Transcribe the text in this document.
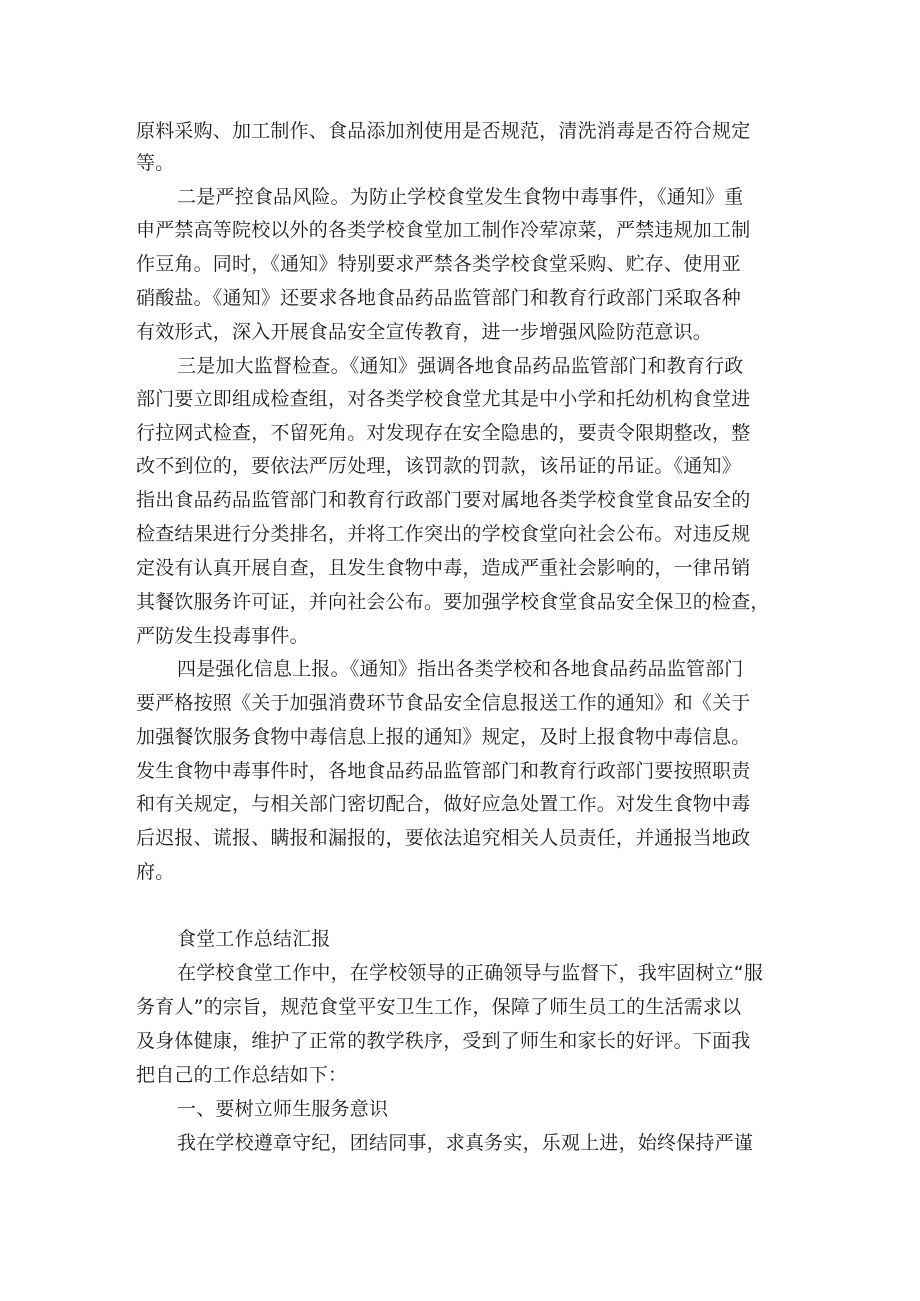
原料采购、加工制作、食品添加剂使用是否规范，清洗消毒是否符合规定
等。
二是严控食品风险。为防止学校食堂发生食物中毒事件，《通知》重
申严禁高等院校以外的各类学校食堂加工制作冷荤凉菜，严禁违规加工制
作豆角。同时，《通知》特别要求严禁各类学校食堂采购、贮存、使用亚
硝酸盐。《通知》还要求各地食品药品监管部门和教育行政部门采取各种
有效形式，深入开展食品安全宣传教育，进一步增强风险防范意识。
三是加大监督检查。《通知》强调各地食品药品监管部门和教育行政
部门要立即组成检查组，对各类学校食堂尤其是中小学和托幼机构食堂进
行拉网式检查，不留死角。对发现存在安全隐患的，要责令限期整改，整
改不到位的，要依法严厉处理，该罚款的罚款，该吊证的吊证。《通知》
指出食品药品监管部门和教育行政部门要对属地各类学校食堂食品安全的
检查结果进行分类排名，并将工作突出的学校食堂向社会公布。对违反规
定没有认真开展自查，且发生食物中毒，造成严重社会影响的，一律吊销
其餐饮服务许可证，并向社会公布。要加强学校食堂食品安全保卫的检查，
严防发生投毒事件。
四是强化信息上报。《通知》指出各类学校和各地食品药品监管部门
要严格按照《关于加强消费环节食品安全信息报送工作的通知》和《关于
加强餐饮服务食物中毒信息上报的通知》规定，及时上报食物中毒信息。
发生食物中毒事件时，各地食品药品监管部门和教育行政部门要按照职责
和有关规定，与相关部门密切配合，做好应急处置工作。对发生食物中毒
后迟报、谎报、瞒报和漏报的，要依法追究相关人员责任，并通报当地政
府。
食堂工作总结汇报
在学校食堂工作中，在学校领导的正确领导与监督下，我牢固树立“服
务育人”的宗旨，规范食堂平安卫生工作，保障了师生员工的生活需求以
及身体健康，维护了正常的教学秩序，受到了师生和家长的好评。下面我
把自己的工作总结如下：
一、要树立师生服务意识
我在学校遵章守纪，团结同事，求真务实，乐观上进，始终保持严谨
